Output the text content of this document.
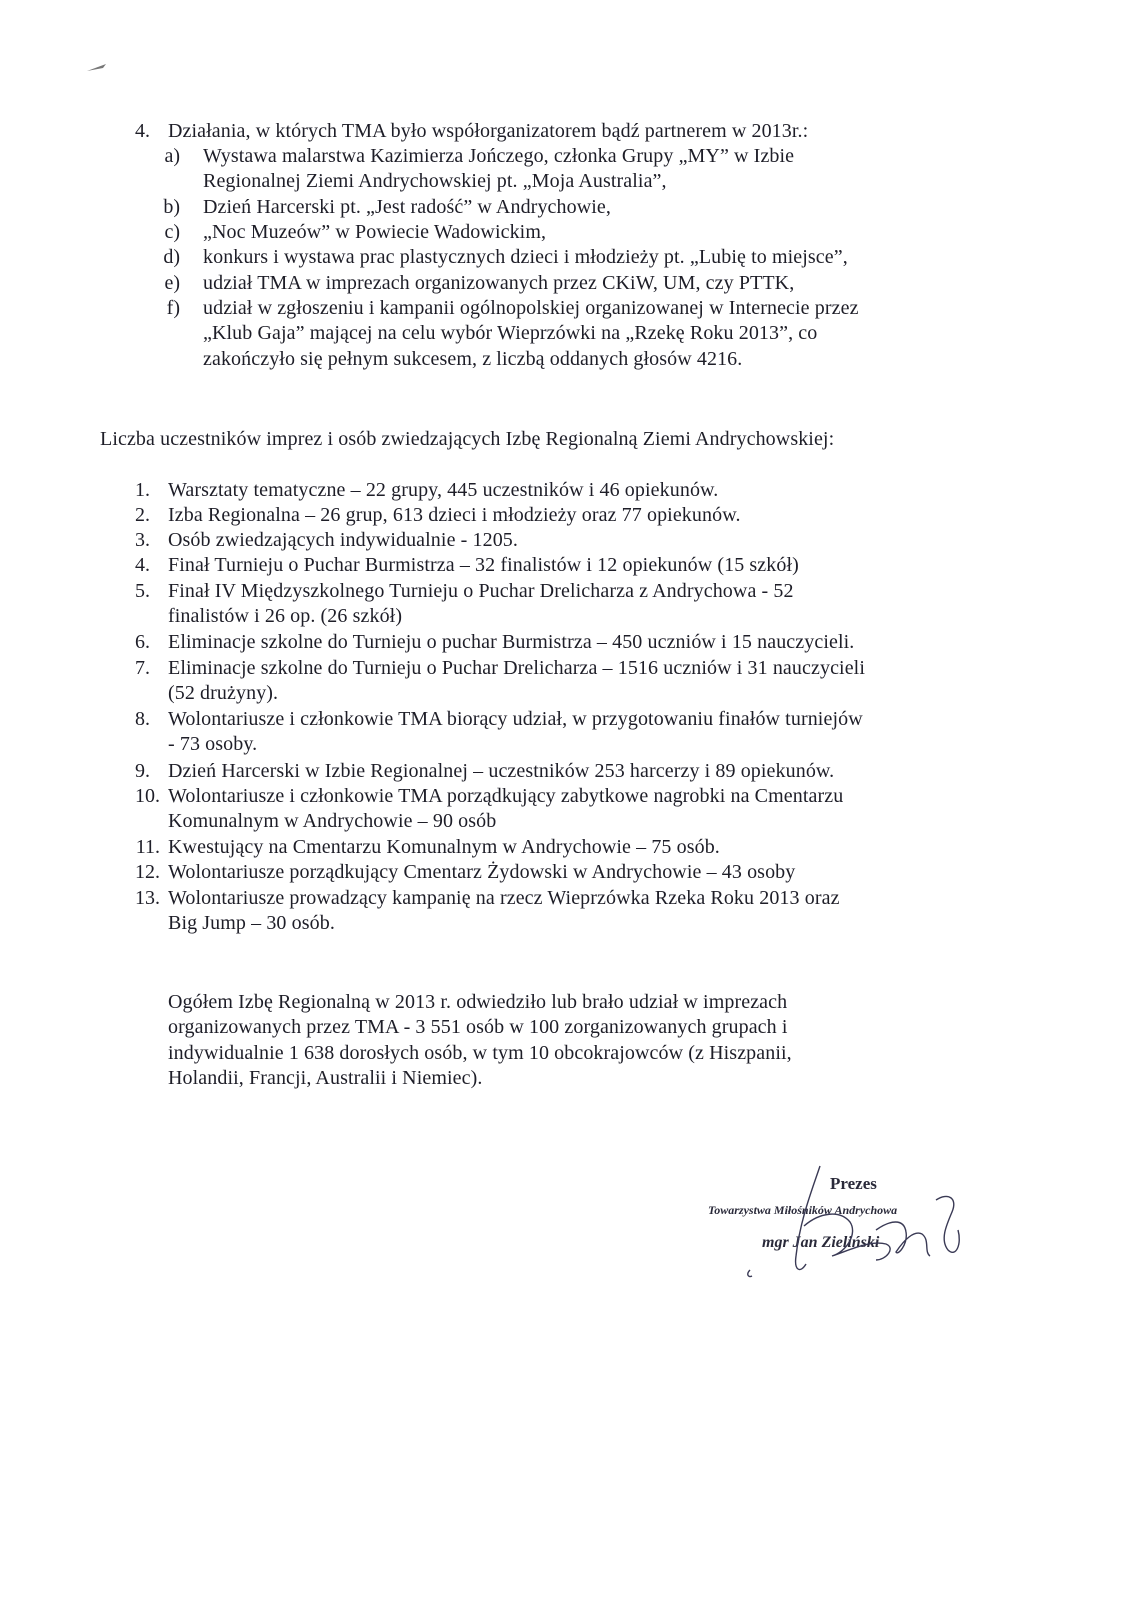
4. Działania, w których TMA było współorganizatorem bądź partnerem w 2013r.:
a) Wystawa malarstwa Kazimierza Jończego, członka Grupy „MY” w Izbie
Regionalnej Ziemi Andrychowskiej pt. „Moja Australia”,
b) Dzień Harcerski pt. „Jest radość” w Andrychowie,
c) „Noc Muzeów” w Powiecie Wadowickim,
d) konkurs i wystawa prac plastycznych dzieci i młodzieży pt. „Lubię to miejsce”,
e) udział TMA w imprezach organizowanych przez CKiW, UM, czy PTTK,
f) udział w zgłoszeniu i kampanii ogólnopolskiej organizowanej w Internecie przez
„Klub Gaja” mającej na celu wybór Wieprzówki na „Rzekę Roku 2013”, co
zakończyło się pełnym sukcesem, z liczbą oddanych głosów 4216.
Liczba uczestników imprez i osób zwiedzających Izbę Regionalną Ziemi Andrychowskiej:
1. Warsztaty tematyczne – 22 grupy, 445 uczestników i 46 opiekunów.
2. Izba Regionalna – 26 grup, 613 dzieci i młodzieży oraz 77 opiekunów.
3. Osób zwiedzających indywidualnie - 1205.
4. Finał Turnieju o Puchar Burmistrza – 32 finalistów i 12 opiekunów (15 szkół)
5. Finał IV Międzyszkolnego Turnieju o Puchar Drelicharza z Andrychowa - 52
finalistów i 26 op. (26 szkół)
6. Eliminacje szkolne do Turnieju o puchar Burmistrza – 450 uczniów i 15 nauczycieli.
7. Eliminacje szkolne do Turnieju o Puchar Drelicharza – 1516 uczniów i 31 nauczycieli
(52 drużyny).
8. Wolontariusze i członkowie TMA biorący udział, w przygotowaniu finałów turniejów
- 73 osoby.
9. Dzień Harcerski w Izbie Regionalnej – uczestników 253 harcerzy i 89 opiekunów.
10. Wolontariusze i członkowie TMA porządkujący zabytkowe nagrobki na Cmentarzu
Komunalnym w Andrychowie – 90 osób
11. Kwestujący na Cmentarzu Komunalnym w Andrychowie – 75 osób.
12. Wolontariusze porządkujący Cmentarz Żydowski w Andrychowie – 43 osoby
13. Wolontariusze prowadzący kampanię na rzecz Wieprzówka Rzeka Roku 2013 oraz
Big Jump – 30 osób.
Ogółem Izbę Regionalną w 2013 r. odwiedziło lub brało udział w imprezach
organizowanych przez TMA - 3 551 osób w 100 zorganizowanych grupach i
indywidualnie 1 638 dorosłych osób, w tym 10 obcokrajowców (z Hiszpanii,
Holandii, Francji, Australii i Niemiec).
Prezes
Towarzystwa Miłośników Andrychowa
mgr Jan Zieliński
